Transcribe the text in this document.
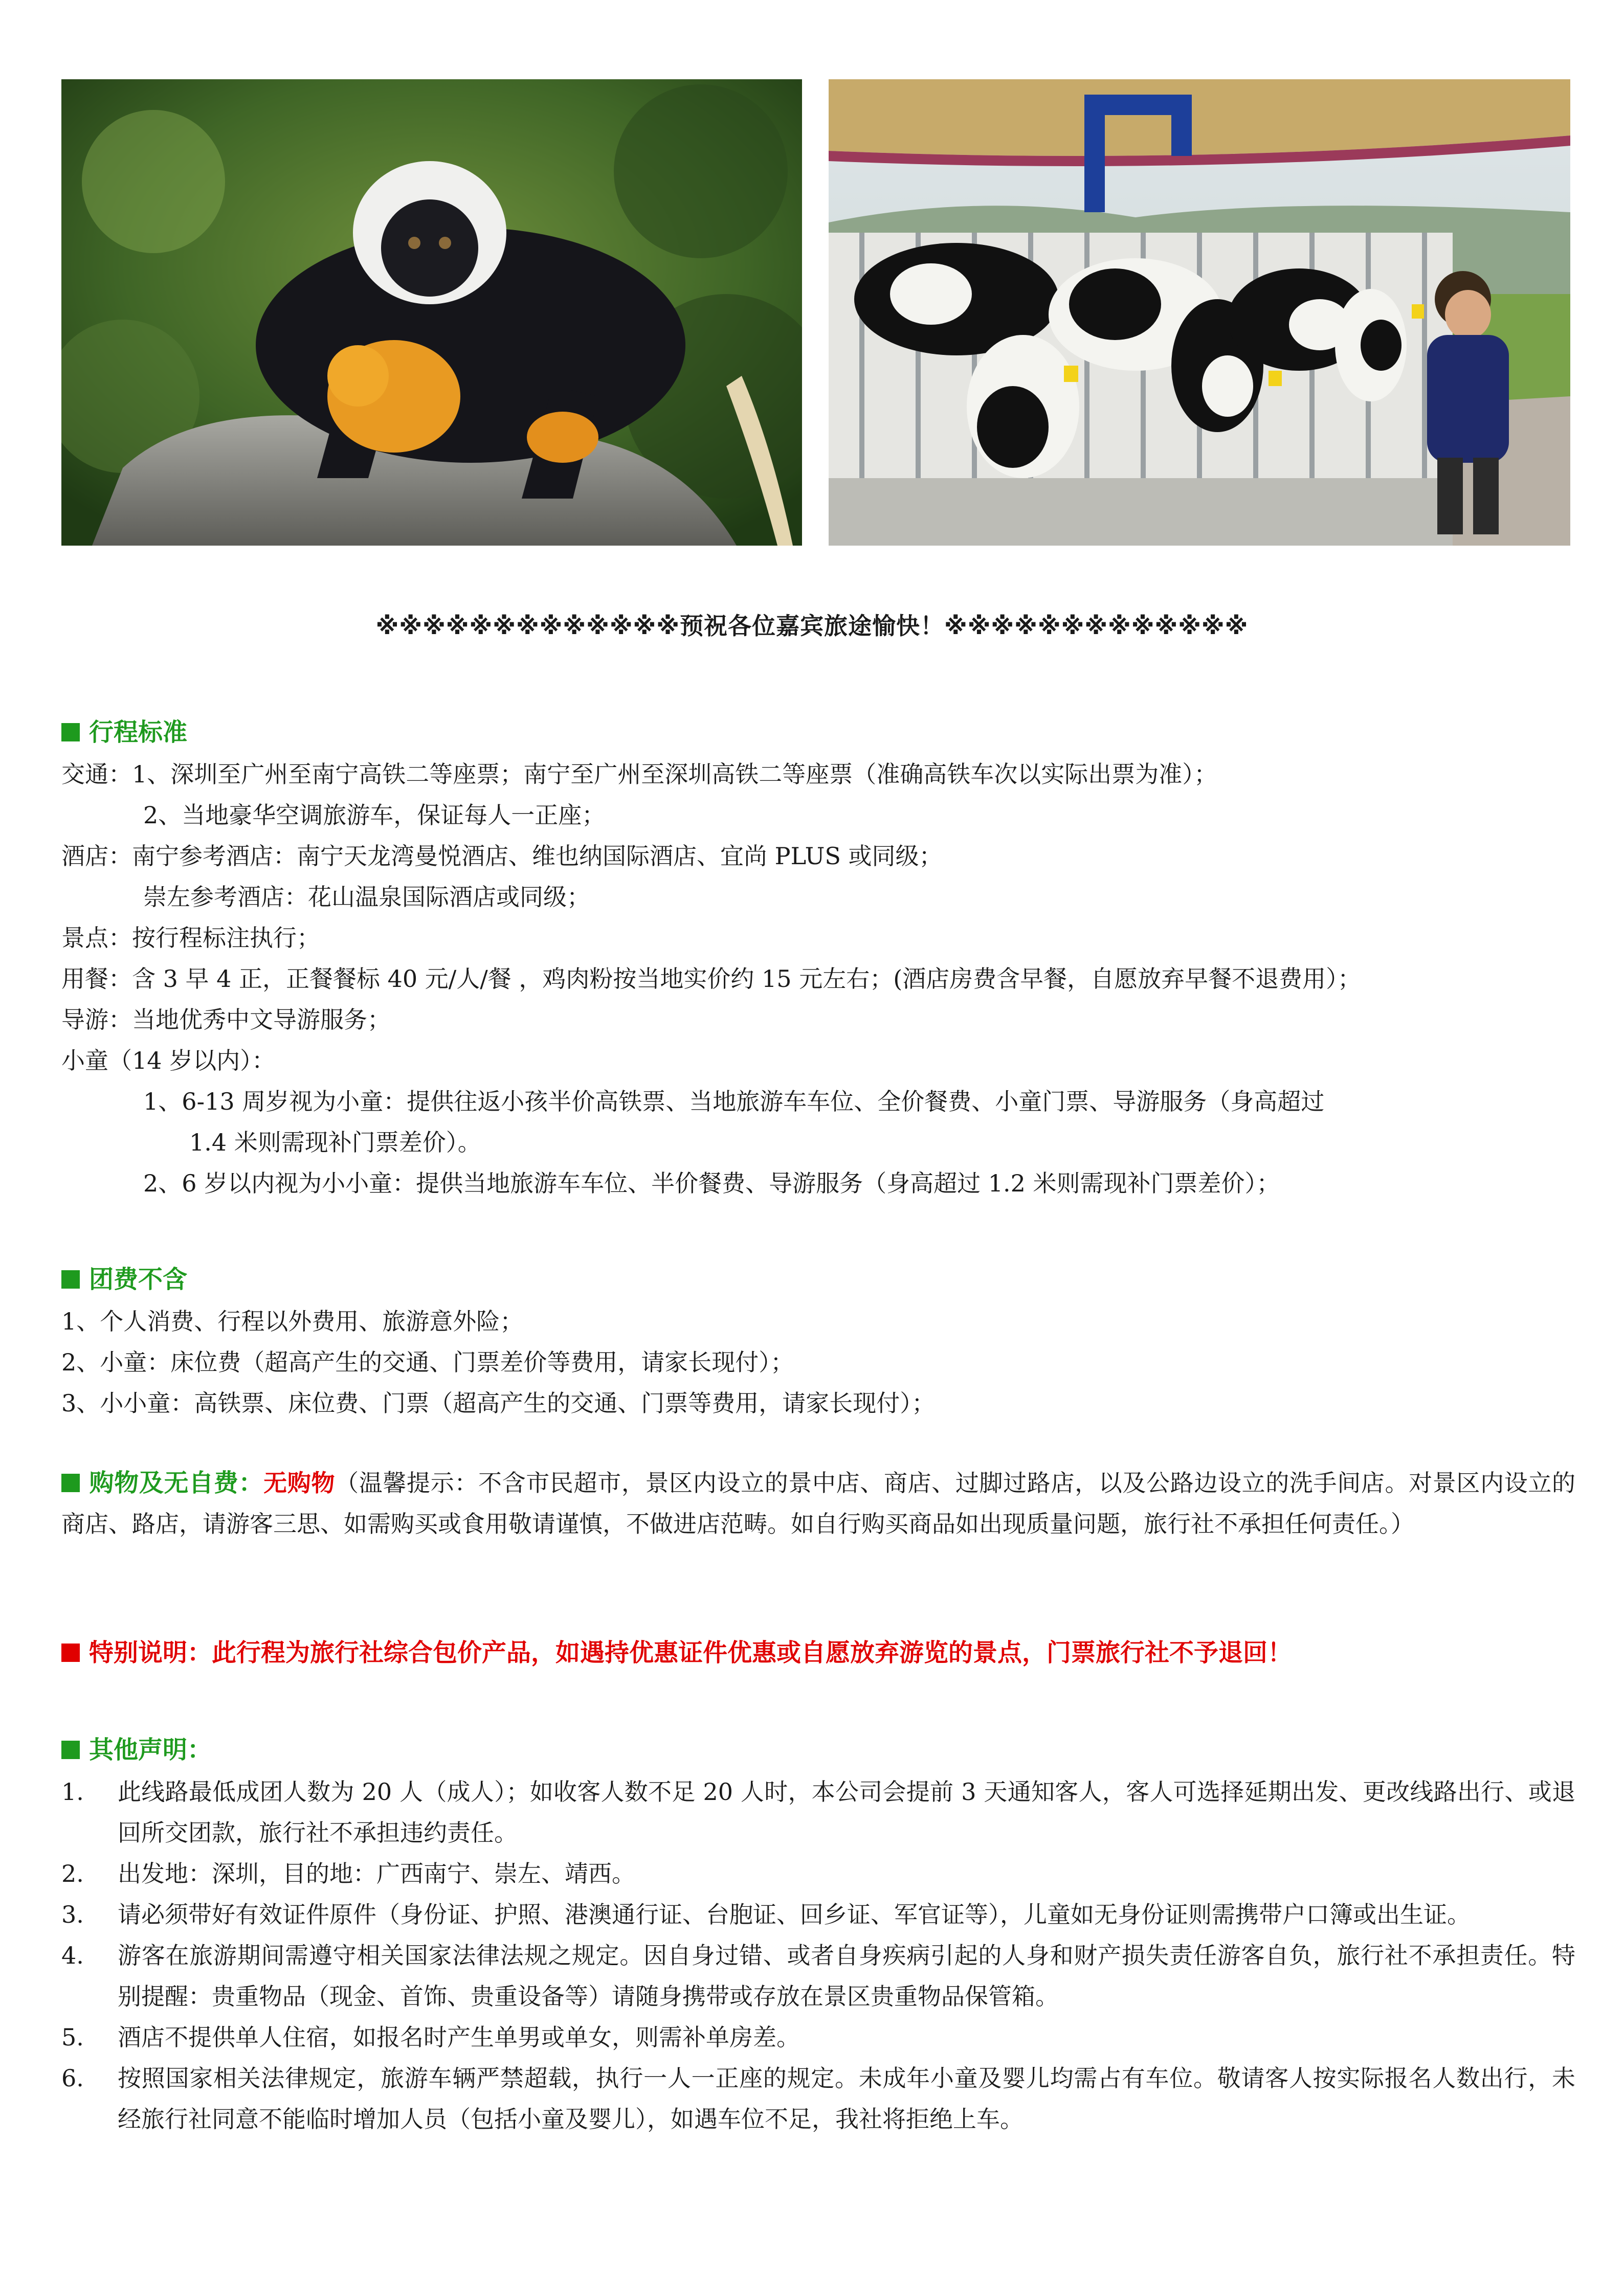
※※※※※※※※※※※※※预祝各位嘉宾旅途愉快！※※※※※※※※※※※※※
行程标准
交通：1、深圳至广州至南宁高铁二等座票；南宁至广州至深圳高铁二等座票（准确高铁车次以实际出票为准）；
2、当地豪华空调旅游车，保证每人一正座；
酒店：南宁参考酒店：南宁天龙湾曼悦酒店、维也纳国际酒店、宜尚 PLUS 或同级；
崇左参考酒店：花山温泉国际酒店或同级；
景点：按行程标注执行；
用餐：含 3 早 4 正，正餐餐标 40 元/人/餐 ，鸡肉粉按当地实价约 15 元左右；(酒店房费含早餐，自愿放弃早餐不退费用）；
导游：当地优秀中文导游服务；
小童（14 岁以内）：
1、6-13 周岁视为小童：提供往返小孩半价高铁票、当地旅游车车位、全价餐费、小童门票、导游服务（身高超过
1.4 米则需现补门票差价）。
2、6 岁以内视为小小童：提供当地旅游车车位、半价餐费、导游服务（身高超过 1.2 米则需现补门票差价）；
团费不含
1、个人消费、行程以外费用、旅游意外险；
2、小童：床位费（超高产生的交通、门票差价等费用，请家长现付）；
3、小小童：高铁票、床位费、门票（超高产生的交通、门票等费用，请家长现付）；
购物及无自费：无购物（温馨提示：不含市民超市，景区内设立的景中店、商店、过脚过路店，以及公路边设立的洗手间店。对景区内设立的商店、路店，请游客三思、如需购买或食用敬请谨慎，不做进店范畴。如自行购买商品如出现质量问题，旅行社不承担任何责任。）
特别说明：此行程为旅行社综合包价产品，如遇持优惠证件优惠或自愿放弃游览的景点，门票旅行社不予退回！
其他声明：
1. 此线路最低成团人数为 20 人（成人）；如收客人数不足 20 人时，本公司会提前 3 天通知客人，客人可选择延期出发、更改线路出行、或退回所交团款，旅行社不承担违约责任。
2. 出发地：深圳，目的地：广西南宁、崇左、靖西。
3. 请必须带好有效证件原件（身份证、护照、港澳通行证、台胞证、回乡证、军官证等），儿童如无身份证则需携带户口簿或出生证。
4. 游客在旅游期间需遵守相关国家法律法规之规定。因自身过错、或者自身疾病引起的人身和财产损失责任游客自负，旅行社不承担责任。特别提醒：贵重物品（现金、首饰、贵重设备等）请随身携带或存放在景区贵重物品保管箱。
5. 酒店不提供单人住宿，如报名时产生单男或单女，则需补单房差。
6. 按照国家相关法律规定，旅游车辆严禁超载，执行一人一正座的规定。未成年小童及婴儿均需占有车位。敬请客人按实际报名人数出行，未经旅行社同意不能临时增加人员（包括小童及婴儿），如遇车位不足，我社将拒绝上车。
